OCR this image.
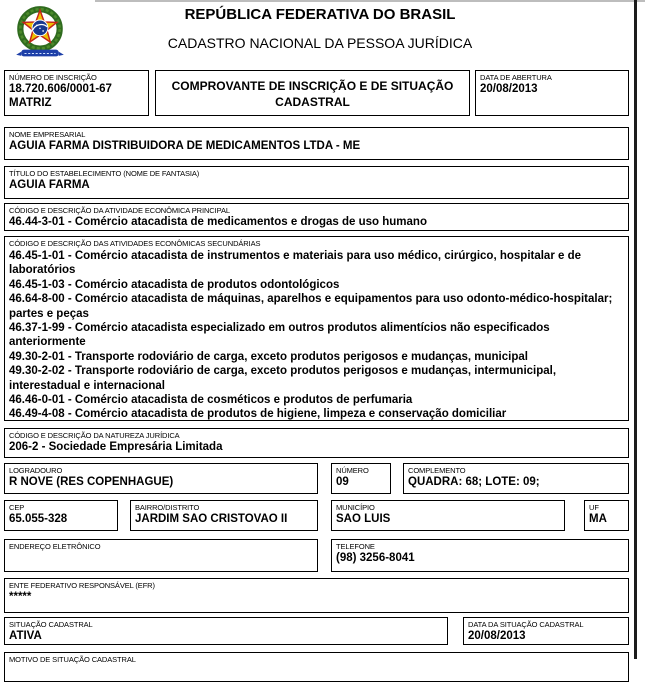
REPÚBLICA FEDERATIVA DO BRASIL
CADASTRO NACIONAL DA PESSOA JURÍDICA
NÚMERO DE INSCRIÇÃO
18.720.606/0001-67
MATRIZ
COMPROVANTE DE INSCRIÇÃO E DE SITUAÇÃO CADASTRAL
DATA DE ABERTURA
20/08/2013
NOME EMPRESARIAL
AGUIA FARMA DISTRIBUIDORA DE MEDICAMENTOS LTDA - ME
TÍTULO DO ESTABELECIMENTO (NOME DE FANTASIA)
AGUIA FARMA
CÓDIGO E DESCRIÇÃO DA ATIVIDADE ECONÔMICA PRINCIPAL
46.44-3-01 - Comércio atacadista de medicamentos e drogas de uso humano
CÓDIGO E DESCRIÇÃO DAS ATIVIDADES ECONÔMICAS SECUNDÁRIAS
46.45-1-01 - Comércio atacadista de instrumentos e materiais para uso médico, cirúrgico, hospitalar e de laboratórios
46.45-1-03 - Comércio atacadista de produtos odontológicos
46.64-8-00 - Comércio atacadista de máquinas, aparelhos e equipamentos para uso odonto-médico-hospitalar; partes e peças
46.37-1-99 - Comércio atacadista especializado em outros produtos alimentícios não especificados anteriormente
49.30-2-01 - Transporte rodoviário de carga, exceto produtos perigosos e mudanças, municipal
49.30-2-02 - Transporte rodoviário de carga, exceto produtos perigosos e mudanças, intermunicipal, interestadual e internacional
46.46-0-01 - Comércio atacadista de cosméticos e produtos de perfumaria
46.49-4-08 - Comércio atacadista de produtos de higiene, limpeza e conservação domiciliar
CÓDIGO E DESCRIÇÃO DA NATUREZA JURÍDICA
206-2 - Sociedade Empresária Limitada
LOGRADOURO
R NOVE (RES COPENHAGUE)
NÚMERO
09
COMPLEMENTO
QUADRA: 68; LOTE: 09;
CEP
65.055-328
BAIRRO/DISTRITO
JARDIM SAO CRISTOVAO II
MUNICÍPIO
SAO LUIS
UF
MA
ENDEREÇO ELETRÔNICO	TELEFONE
(98) 3256-8041
ENTE FEDERATIVO RESPONSÁVEL (EFR)
*****
SITUAÇÃO CADASTRAL
ATIVA
DATA DA SITUAÇÃO CADASTRAL
20/08/2013
MOTIVO DE SITUAÇÃO CADASTRAL
